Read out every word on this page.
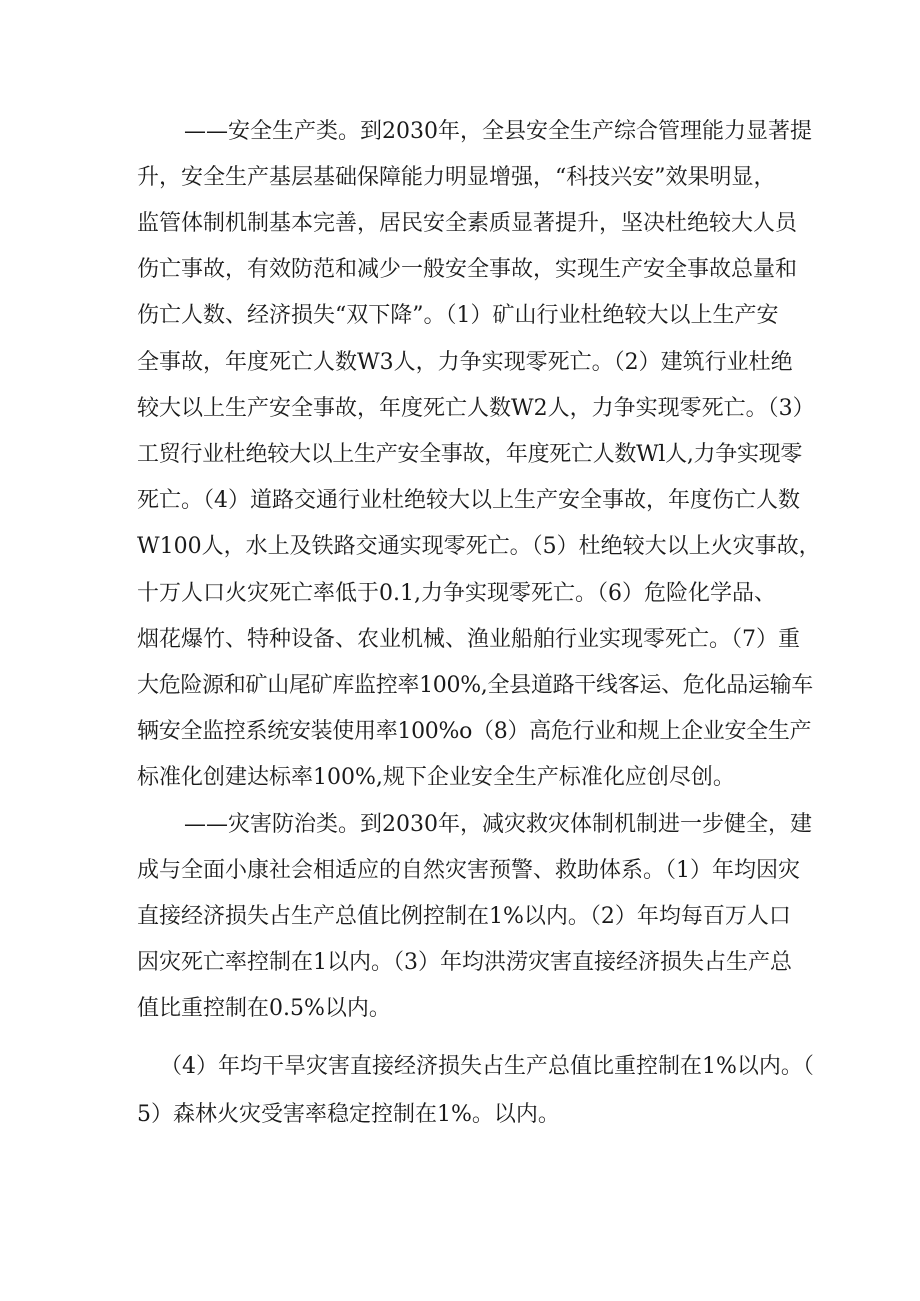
——安全生产类。到2030年，全县安全生产综合管理能力显著提
升，安全生产基层基础保障能力明显增强，“科技兴安”效果明显，
监管体制机制基本完善，居民安全素质显著提升，坚决杜绝较大人员
伤亡事故，有效防范和减少一般安全事故，实现生产安全事故总量和
伤亡人数、经济损失“双下降”。（1）矿山行业杜绝较大以上生产安
全事故，年度死亡人数W3人，力争实现零死亡。（2）建筑行业杜绝
较大以上生产安全事故，年度死亡人数W2人，力争实现零死亡。（3）
工贸行业杜绝较大以上生产安全事故，年度死亡人数Wl人,力争实现零
死亡。（4）道路交通行业杜绝较大以上生产安全事故，年度伤亡人数
W100人，水上及铁路交通实现零死亡。（5）杜绝较大以上火灾事故，
十万人口火灾死亡率低于0.1,力争实现零死亡。（6）危险化学品、
烟花爆竹、特种设备、农业机械、渔业船舶行业实现零死亡。（7）重
大危险源和矿山尾矿库监控率100%,全县道路干线客运、危化品运输车
辆安全监控系统安装使用率100%o（8）高危行业和规上企业安全生产
标准化创建达标率100%,规下企业安全生产标准化应创尽创。
——灾害防治类。到2030年，减灾救灾体制机制进一步健全，建
成与全面小康社会相适应的自然灾害预警、救助体系。（1）年均因灾
直接经济损失占生产总值比例控制在1%以内。（2）年均每百万人口
因灾死亡率控制在1以内。（3）年均洪涝灾害直接经济损失占生产总
值比重控制在0.5%以内。
（4）年均干旱灾害直接经济损失占生产总值比重控制在1%以内。（
5）森林火灾受害率稳定控制在1%。以内。
